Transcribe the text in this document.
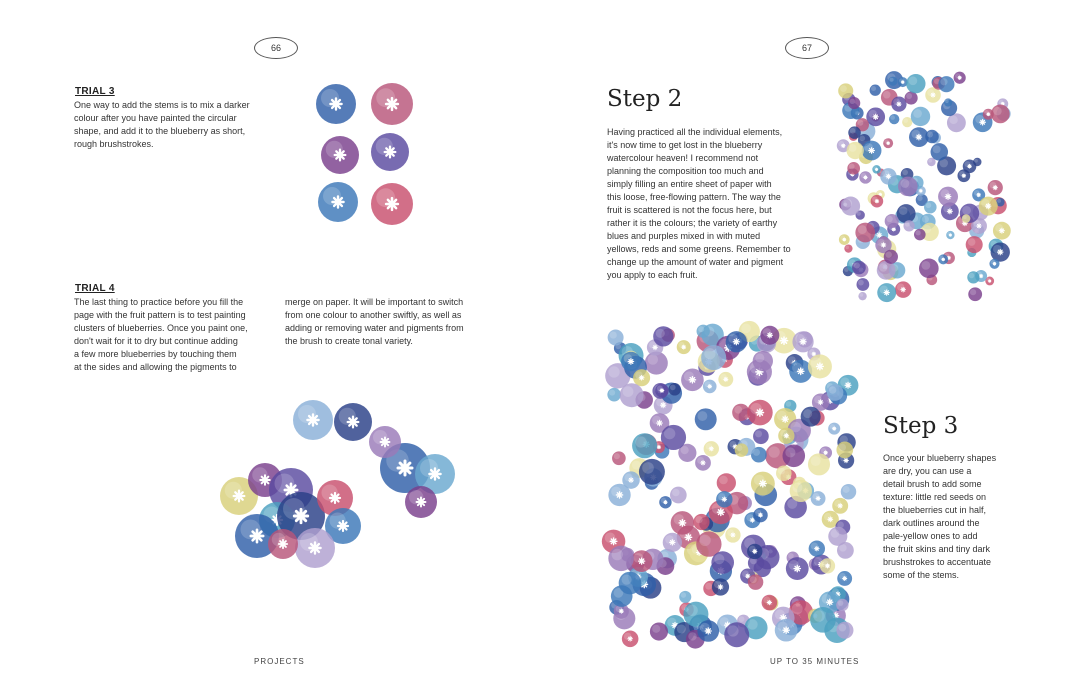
66
TRIAL 3

One way to add the stems is to mix a darker
colour after you have painted the circular
shape, and add it to the blueberry as short,
rough brushstrokes.

TRIAL 4

The last thing to practice before you fill the
page with the fruit pattern is to test painting
clusters of blueberries. Once you paint one,
don't wait for it to dry but continue adding
a few more blueberries by touching them
at the sides and allowing the pigments to

merge on paper. It will be important to switch
from one colour to another swiftly, as well as
adding or removing water and pigments from
the brush to create tonal variety.

PROJECTS
67
Step 2

Having practiced all the individual elements,
it's now time to get lost in the blueberry
watercolour heaven! I recommend not
planning the composition too much and
simply filling an entire sheet of paper with
this loose, free-flowing pattern. The way the
fruit is scattered is not the focus here, but
rather it is the colours; the variety of earthy
blues and purples mixed in with muted
yellows, reds and some greens. Remember to
change up the amount of water and pigment
you apply to each fruit.

Step 3

Once your blueberry shapes
are dry, you can use a
detail brush to add some
texture: little red seeds on
the blueberries cut in half,
dark outlines around the
pale-yellow ones to add
the fruit skins and tiny dark
brushstrokes to accentuate
some of the stems.

UP TO 35 MINUTES
